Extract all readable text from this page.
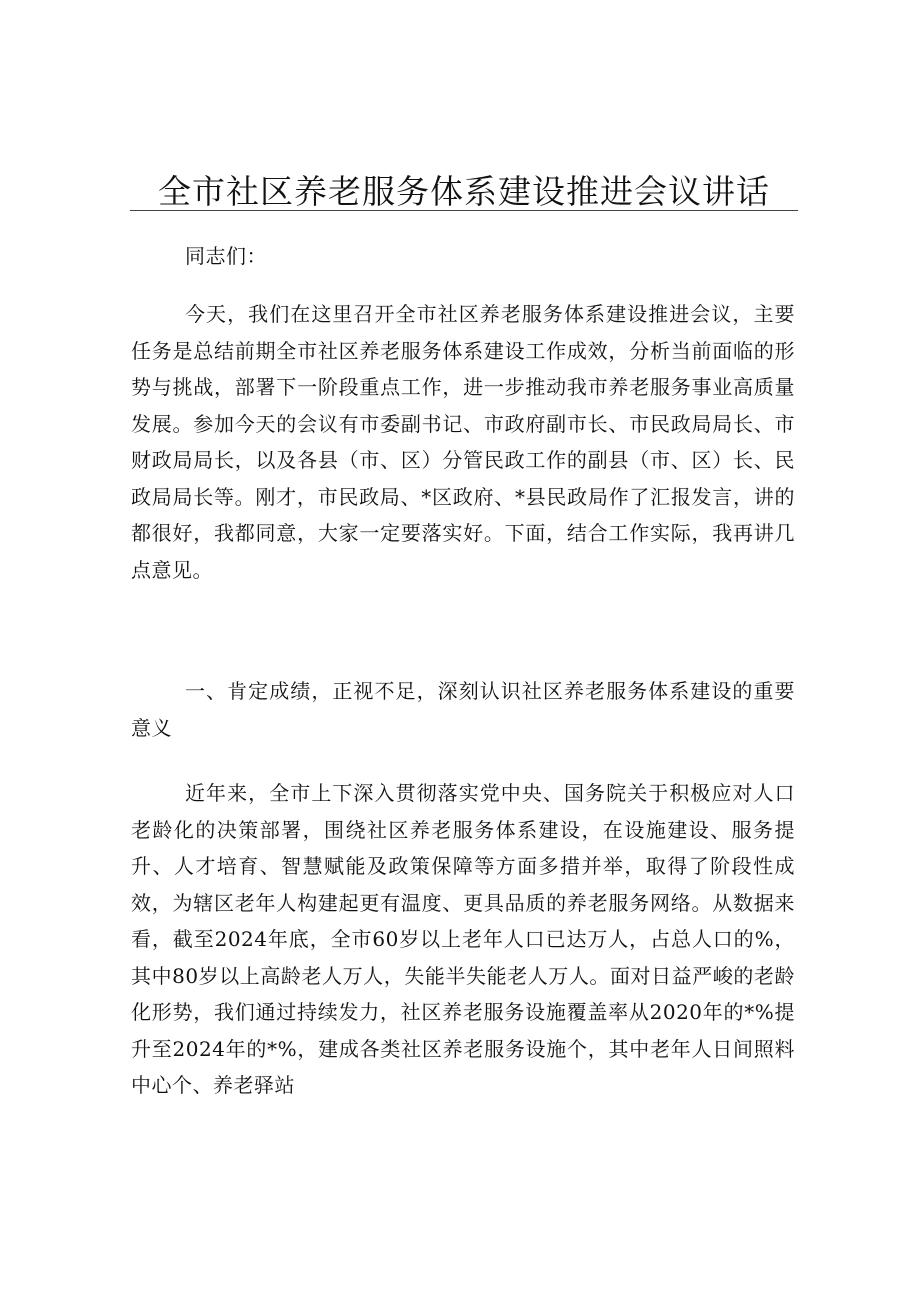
全市社区养老服务体系建设推进会议讲话

同志们：

今天，我们在这里召开全市社区养老服务体系建设推进会议，主要任务是总结前期全市社区养老服务体系建设工作成效，分析当前面临的形势与挑战，部署下一阶段重点工作，进一步推动我市养老服务事业高质量发展。参加今天的会议有市委副书记、市政府副市长、市民政局局长、市财政局局长，以及各县（市、区）分管民政工作的副县（市、区）长、民政局局长等。刚才，市民政局、*区政府、*县民政局作了汇报发言，讲的都很好，我都同意，大家一定要落实好。下面，结合工作实际，我再讲几点意见。

一、肯定成绩，正视不足，深刻认识社区养老服务体系建设的重要意义

近年来，全市上下深入贯彻落实党中央、国务院关于积极应对人口老龄化的决策部署，围绕社区养老服务体系建设，在设施建设、服务提升、人才培育、智慧赋能及政策保障等方面多措并举，取得了阶段性成效，为辖区老年人构建起更有温度、更具品质的养老服务网络。从数据来看，截至2024年底，全市60岁以上老年人口已达万人，占总人口的%，其中80岁以上高龄老人万人，失能半失能老人万人。面对日益严峻的老龄化形势，我们通过持续发力，社区养老服务设施覆盖率从2020年的*%提升至2024年的*%，建成各类社区养老服务设施个，其中老年人日间照料中心个、养老驿站
